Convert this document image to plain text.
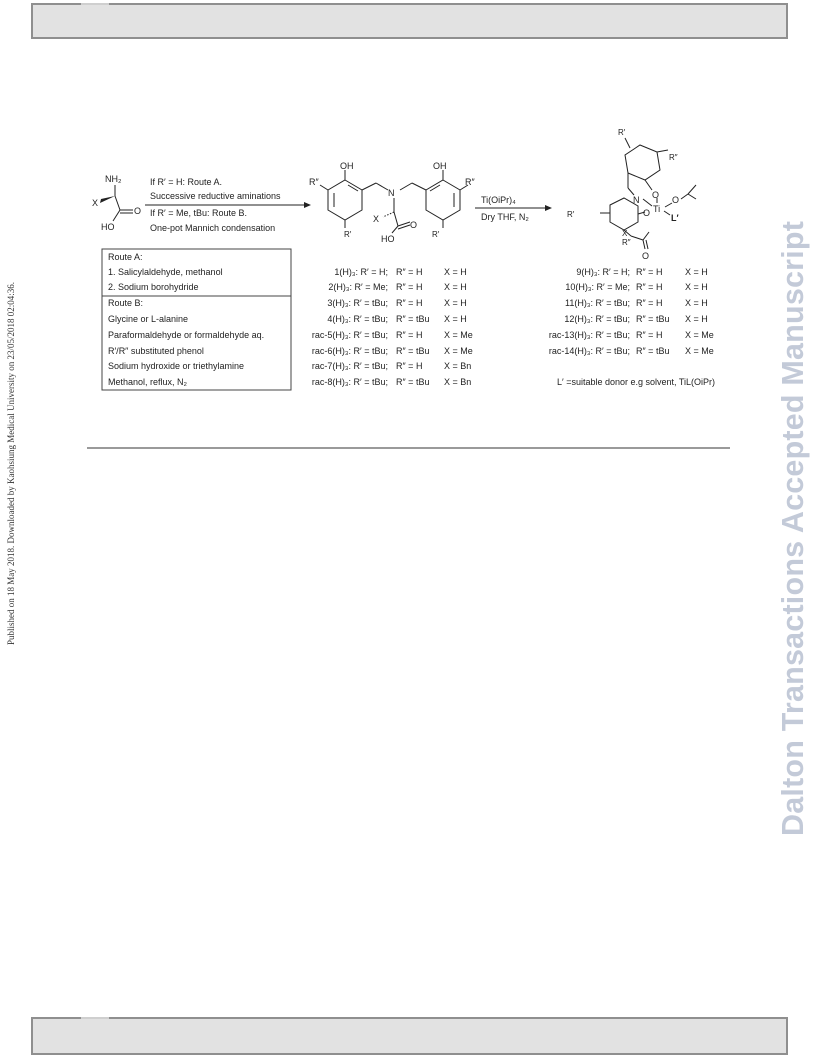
Published on 18 May 2018. Downloaded by Kaohsiung Medical University on 23/05/2018 02:04:36.	Dalton Transactions Accepted Manuscript
NH₂
X
O
HO
If R′ = H: Route A.
Successive reductive aminations
If R′ = Me, tBu: Route B.
One-pot Mannich condensation
OH
R″
R′
N
OH
R″
R′
X
O
HO
Ti(OiPr)₄
Dry THF, N₂
R′
R″
O
N
Ti
O
L′
R′	O
X
R″
O
Route A:
1. Salicylaldehyde, methanol
2. Sodium borohydride
Route B:
Glycine or L-alanine
Paraformaldehyde or formaldehyde aq.
R′/R″ substituted phenol
Sodium hydroxide or triethylamine
Methanol, reflux, N₂
1(H)₃: R′ = H; R″ = H X = H
2(H)₃: R′ = Me; R″ = H X = H
3(H)₃: R′ = tBu; R″ = H X = H
4(H)₃: R′ = tBu; R″ = tBu X = H
rac-5(H)₃: R′ = tBu; R″ = H X = Me
rac-6(H)₃: R′ = tBu; R″ = tBu X = Me
rac-7(H)₃: R′ = tBu; R″ = H X = Bn
rac-8(H)₃: R′ = tBu; R″ = tBu X = Bn
9(H)₃: R′ = H; R″ = H	X = H
10(H)₃: R′ = Me; R″ = H	X = H
11(H)₃: R′ = tBu; R″ = H	X = H
12(H)₃: R′ = tBu; R″ = tBu X = H
rac-13(H)₃: R′ = tBu; R″ = H	X = Me
rac-14(H)₃: R′ = tBu; R″ = tBu X = Me
L′ =suitable donor e.g solvent, TiL(OiPr)
